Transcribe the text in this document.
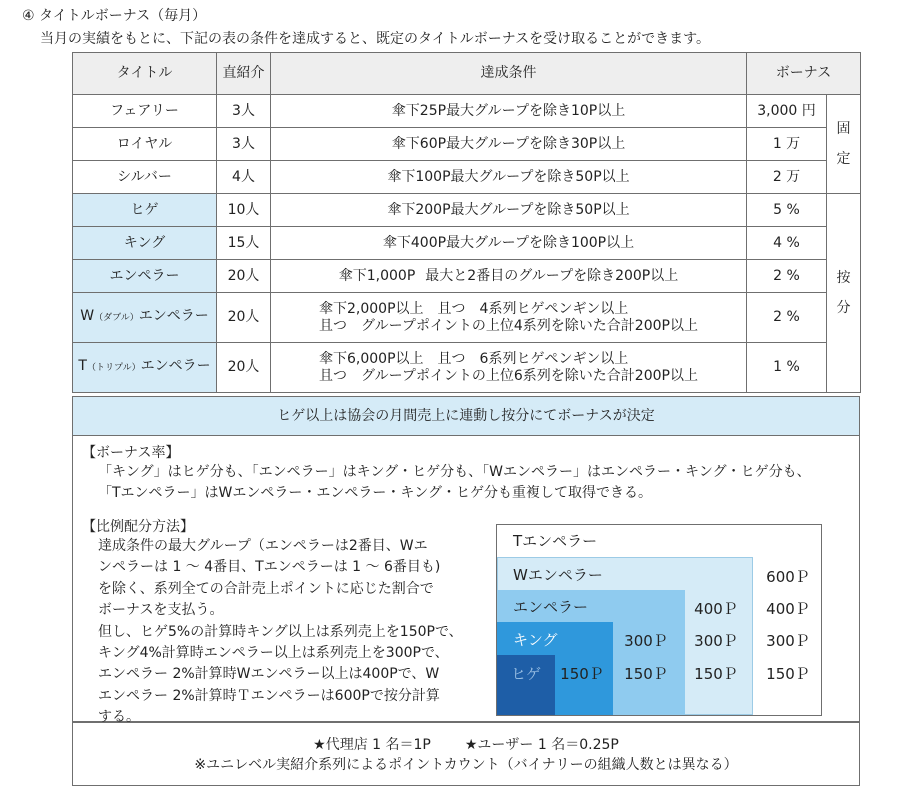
④ タイトルボーナス（毎月）
当月の実績をもとに、下記の表の条件を達成すると、既定のタイトルボーナスを受け取ることができます。
タイトル	直紹介	達成条件	ボーナス	
フェアリー	3人	傘下25P最大グループを除き10P以上	3,000 円	固
定

ロイヤル	3人	傘下60P最大グループを除き30P以上	1 万	
シルバー	4人	傘下100P最大グループを除き50P以上	2 万	
ヒゲ	10人	傘下200P最大グループを除き50P以上	5 %	按
分

キング	15人	傘下400P最大グループを除き100P以上	4 %	
エンペラー	20人	傘下1,000P 最大と2番目のグループを除き200P以上	2 %	
W（ダブル）エンペラー	20人	傘下2,000P以上　且つ　4系列ヒゲペンギン以上
且つ　グループポイントの上位4系列を除いた合計200P以上	2 %	
T（トリプル）エンペラー	20人	傘下6,000P以上　且つ　6系列ヒゲペンギン以上
且つ　グループポイントの上位6系列を除いた合計200P以上	1 %	
ヒゲ以上は協会の月間売上に連動し按分にてボーナスが決定
【ボーナス率】
「キング」はヒゲ分も、「エンペラー」はキング・ヒゲ分も、「Wエンペラー」はエンペラー・キング・ヒゲ分も、
「Tエンペラー」はWエンペラー・エンペラー・キング・ヒゲ分も重複して取得できる。
【比例配分方法】
達成条件の最大グループ（エンペラーは2番目、Wエ
ンペラーは 1 〜 4番目、Tエンペラーは 1 〜 6番目も)
を除く、系列全ての合計売上ポイントに応じた割合で
ボーナスを支払う。
但し、ヒゲ5%の計算時キング以上は系列売上を150Pで、
キング4%計算時エンペラー以上は系列売上を300Pで、
エンペラー 2%計算時Wエンペラー以上は400Pで、W
エンペラー 2%計算時Ｔエンペラーは600Pで按分計算
する。
Tエンペラー
Wエンペラー
エンペラー
キング
ヒゲ
600Ｐ
400Ｐ	400Ｐ
300Ｐ	300Ｐ	300Ｐ
150Ｐ	150Ｐ	150Ｐ	150Ｐ
★代理店 1 名＝1P ★ユーザー 1 名＝0.25P
※ユニレベル実紹介系列によるポイントカウント（バイナリーの組織人数とは異なる）
